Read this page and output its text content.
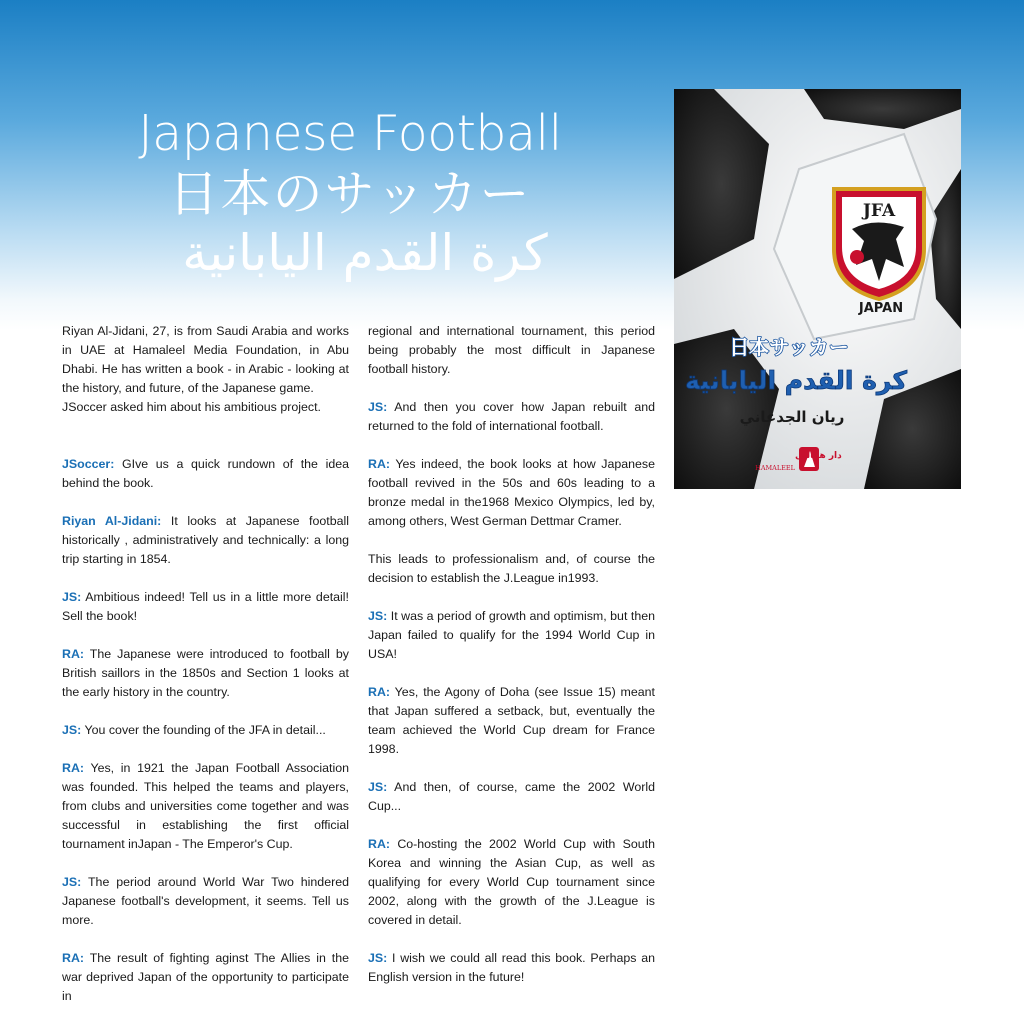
Japanese Football
日本のサッカー
كرة القدم اليابانية

Riyan Al-Jidani, 27, is from Saudi Arabia and works in UAE at Hamaleel Media Foundation, in Abu Dhabi. He has written a book - in Arabic - looking at the history, and future, of the Japanese game.
JSoccer asked him about his ambitious project.

JSoccer: GIve us a quick rundown of the idea behind the book.

Riyan Al-Jidani: It looks at Japanese football historically , administratively and technically: a long trip starting in 1854.

JS: Ambitious indeed! Tell us in a little more detail! Sell the book!

RA: The Japanese were introduced to football by British saillors in the 1850s and Section 1 looks at the early history in the country.

JS: You cover the founding of the JFA in detail...

RA: Yes, in 1921 the Japan Football Association was founded. This helped the teams and players, from clubs and universities come together and was successful in establishing the first official tournament inJapan - The Emperor's Cup.

JS: The period around World War Two hindered Japanese football's development, it seems. Tell us more.

RA: The result of fighting aginst The Allies in the war deprived Japan of the opportunity to participate in

regional and international tournament, this period being probably the most difficult in Japanese football history.

JS: And then you cover how Japan rebuilt and returned to the fold of international football.

RA: Yes indeed, the book looks at how Japanese football revived in the 50s and 60s leading to a bronze medal in the1968 Mexico Olympics, led by, among others, West German Dettmar Cramer.

This leads to professionalism and, of course the decision to establish the J.League in1993.

JS: It was a period of growth and optimism, but then Japan failed to qualify for the 1994 World Cup in USA!

RA: Yes, the Agony of Doha (see Issue 15) meant that Japan suffered a setback, but, eventually the team achieved the World Cup dream for France 1998.

JS: And then, of course, came the 2002 World Cup...

RA: Co-hosting the 2002 World Cup with South Korea and winning the Asian Cup, as well as qualifying for every World Cup tournament since 2002, along with the growth of the J.League is covered in detail.

JS: I wish we could all read this book. Perhaps an English version in the future!

JFA
JAPAN
日本サッカー
كرة القدم اليابانية
ريان الجدعاني
دار هماليل
HAMALEEL
